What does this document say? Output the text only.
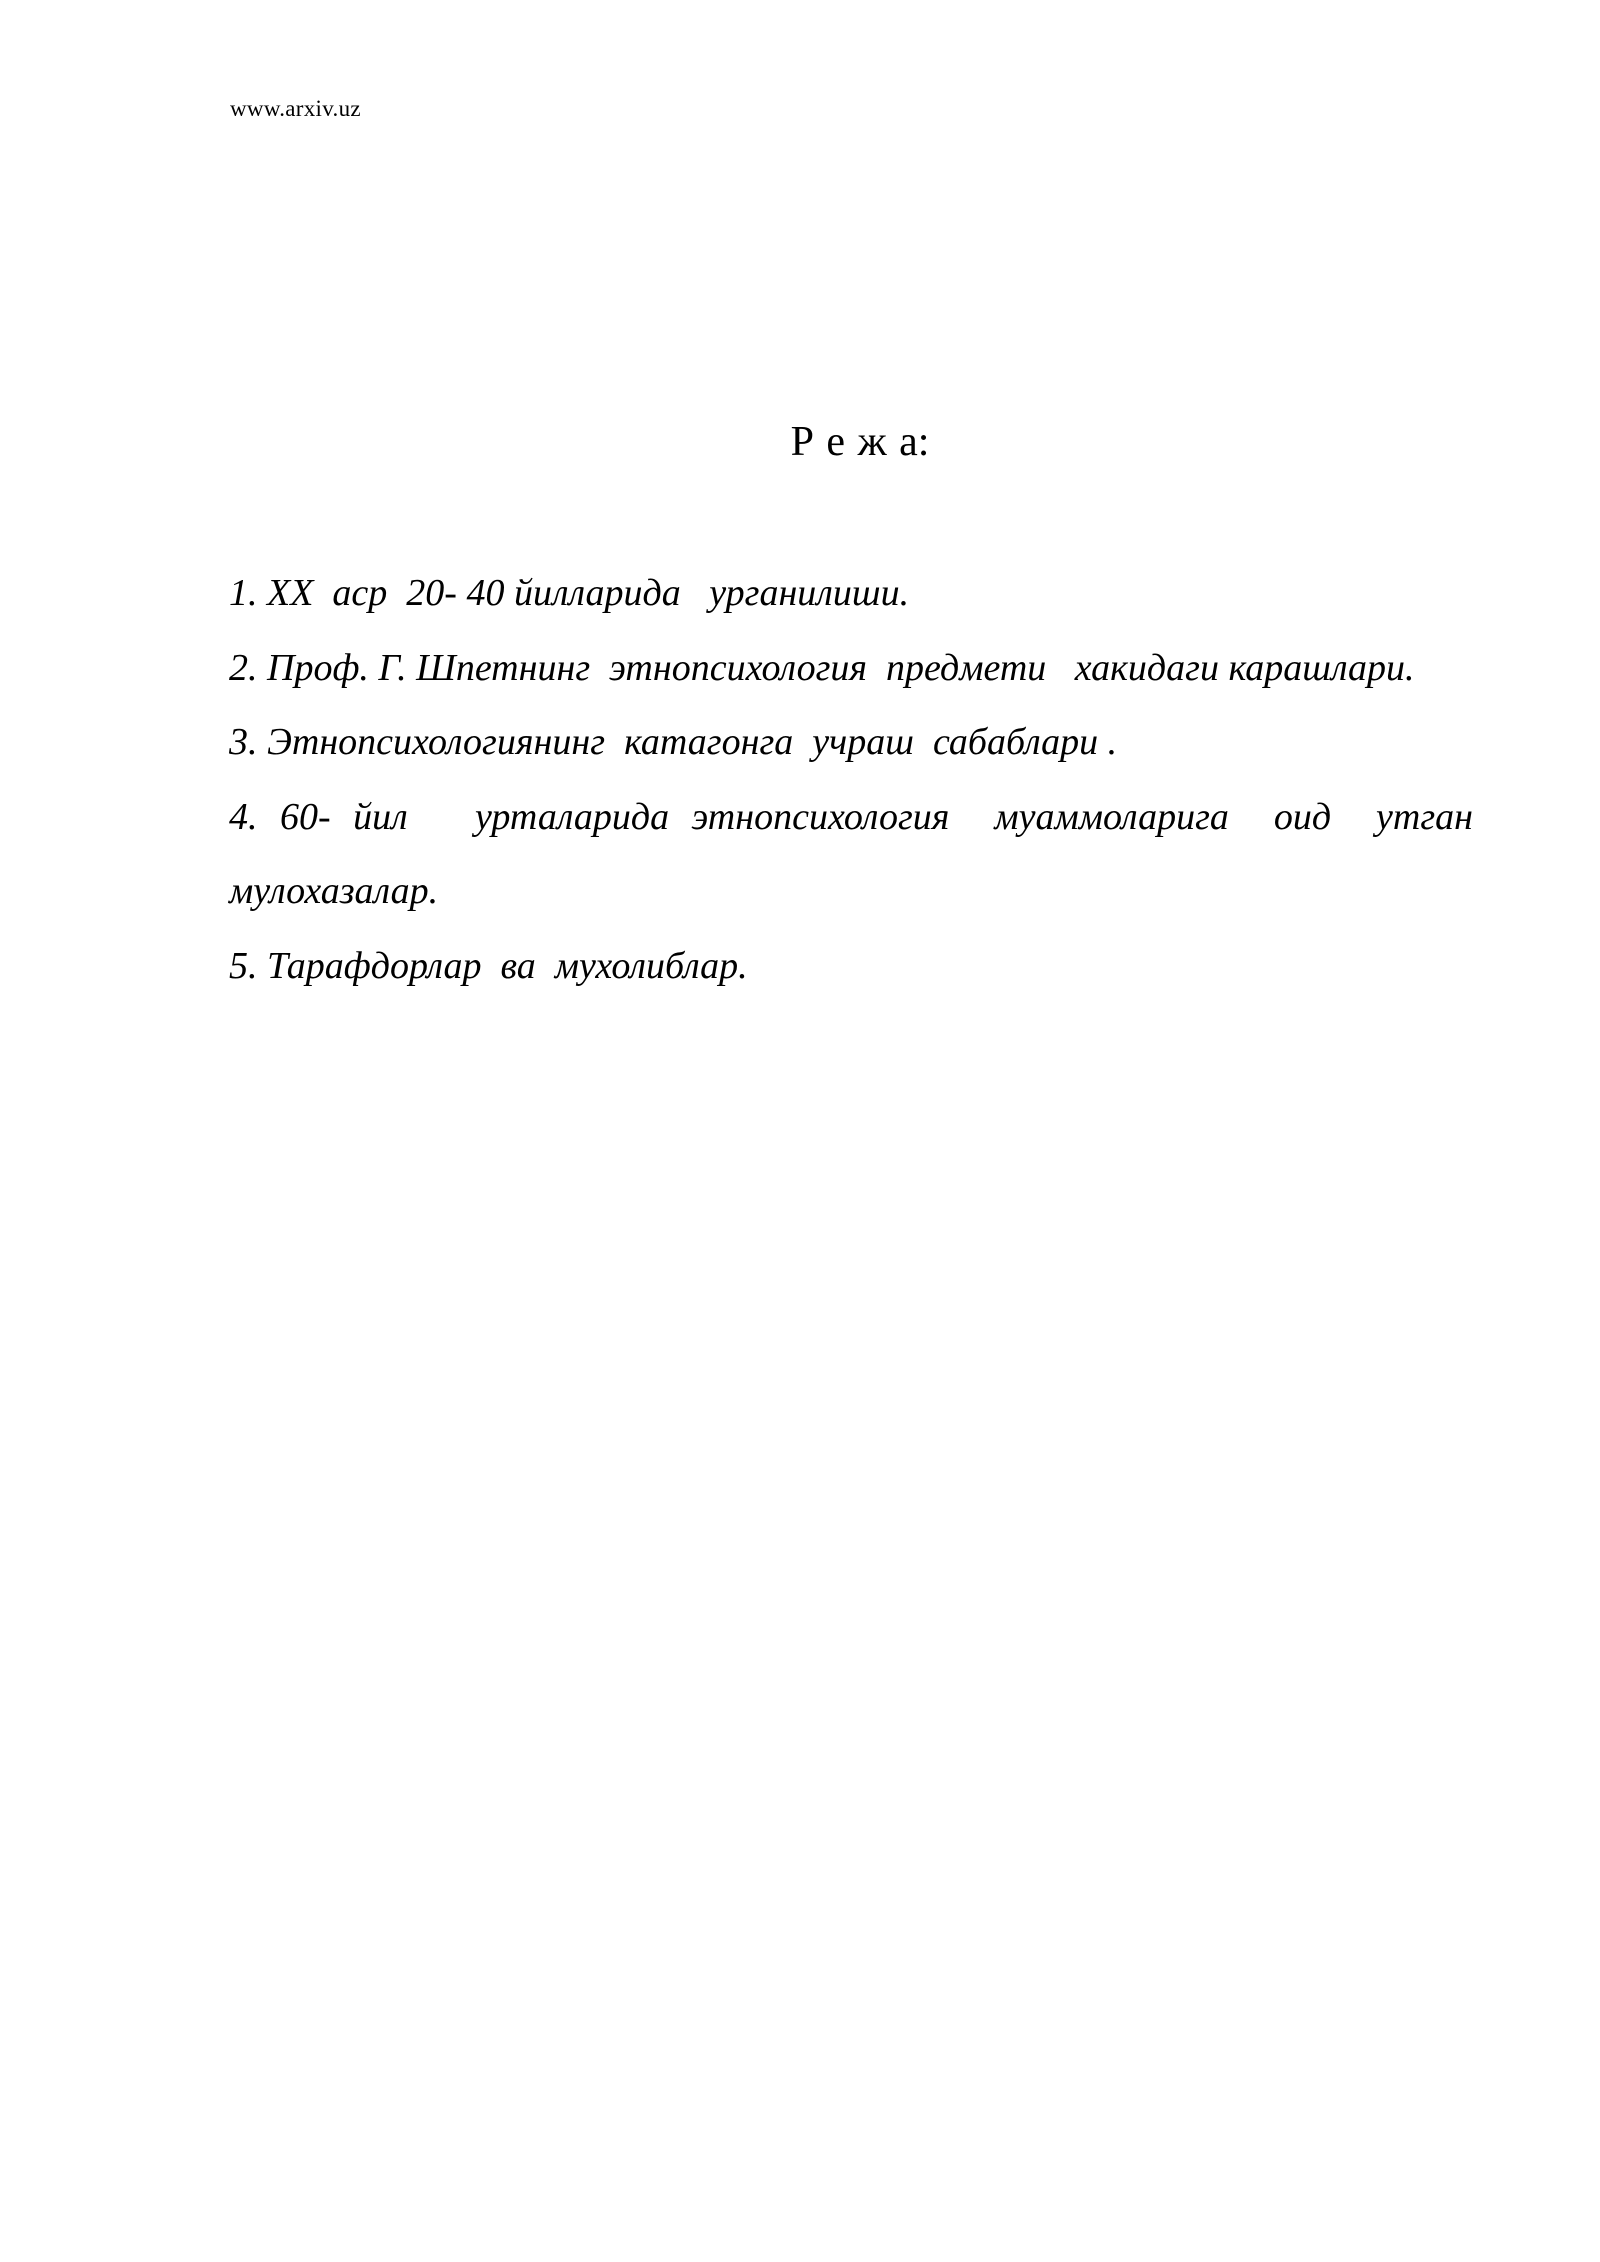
www.arxiv.uz
Р е ж а:
1. XX  аср  20- 40 йилларида   урганилиши.
2. Проф. Г. Шпетнинг  этнопсихология  предмети   хакидаги карашлари.
3. Этнопсихологиянинг  катагонга  учраш  сабаблари .
4. 60- йил   урталарида этнопсихология  муаммоларига  оид  утган мулохазалар.
5. Тарафдорлар  ва  мухолиблар.
